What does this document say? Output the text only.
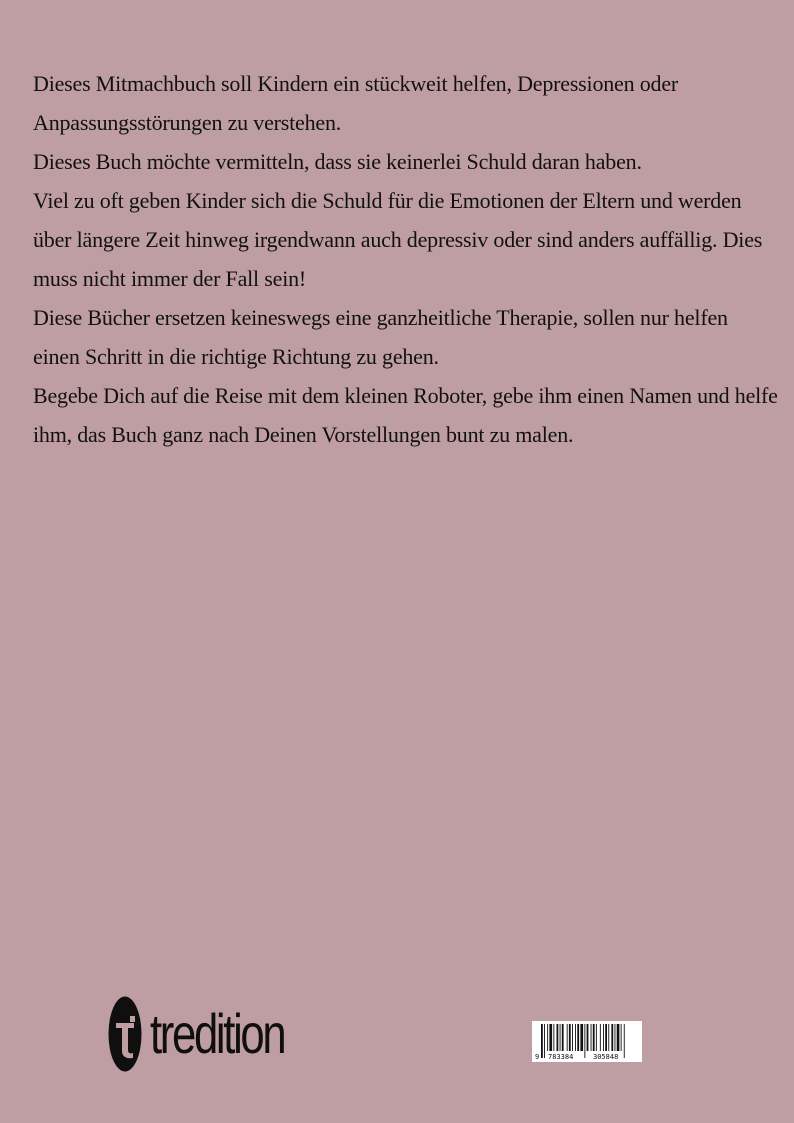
Dieses Mitmachbuch soll Kindern ein stückweit helfen, Depressionen oder Anpassungsstörungen zu verstehen.

Dieses Buch möchte vermitteln, dass sie keinerlei Schuld daran haben.

Viel zu oft geben Kinder sich die Schuld für die Emotionen der Eltern und werden über längere Zeit hinweg irgendwann auch depressiv oder sind anders auffällig. Dies muss nicht immer der Fall sein!

Diese Bücher ersetzen keineswegs eine ganzheitliche Therapie, sollen nur helfen einen Schritt in die richtige Richtung zu gehen.

Begebe Dich auf die Reise mit dem kleinen Roboter, gebe ihm einen Namen und helfe ihm, das Buch ganz nach Deinen Vorstellungen bunt zu malen.

tredition	9 783384	305848
